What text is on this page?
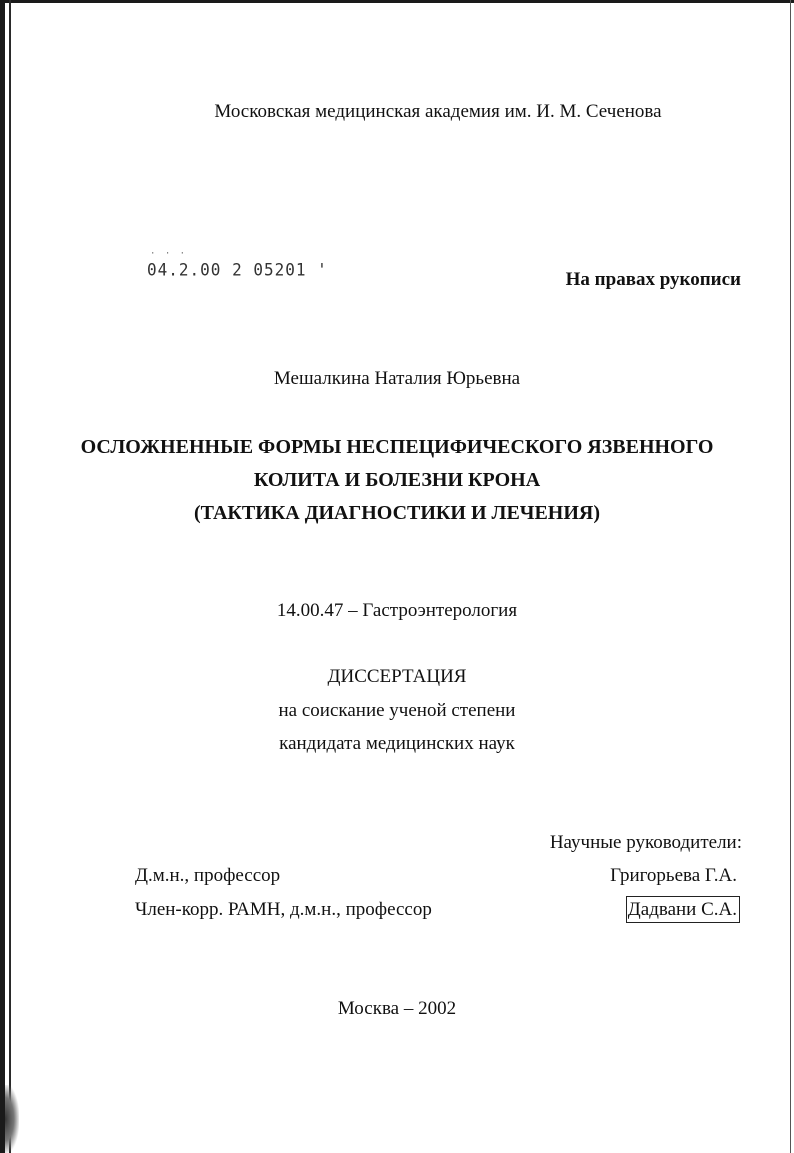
Московская медицинская академия им. И. М. Сеченова
· · ·
04.2.00 2 05201 '	На правах рукописи
Мешалкина Наталия Юрьевна
ОСЛОЖНЕННЫЕ ФОРМЫ НЕСПЕЦИФИЧЕСКОГО ЯЗВЕННОГО
КОЛИТА И БОЛЕЗНИ КРОНА
(ТАКТИКА ДИАГНОСТИКИ И ЛЕЧЕНИЯ)
14.00.47 – Гастроэнтерология
ДИССЕРТАЦИЯ
на соискание ученой степени
кандидата медицинских наук
Научные руководители:
Д.м.н., профессор	Григорьева Г.А.
Член-корр. РАМН, д.м.н., профессор	Дадвани С.А.
Москва – 2002
